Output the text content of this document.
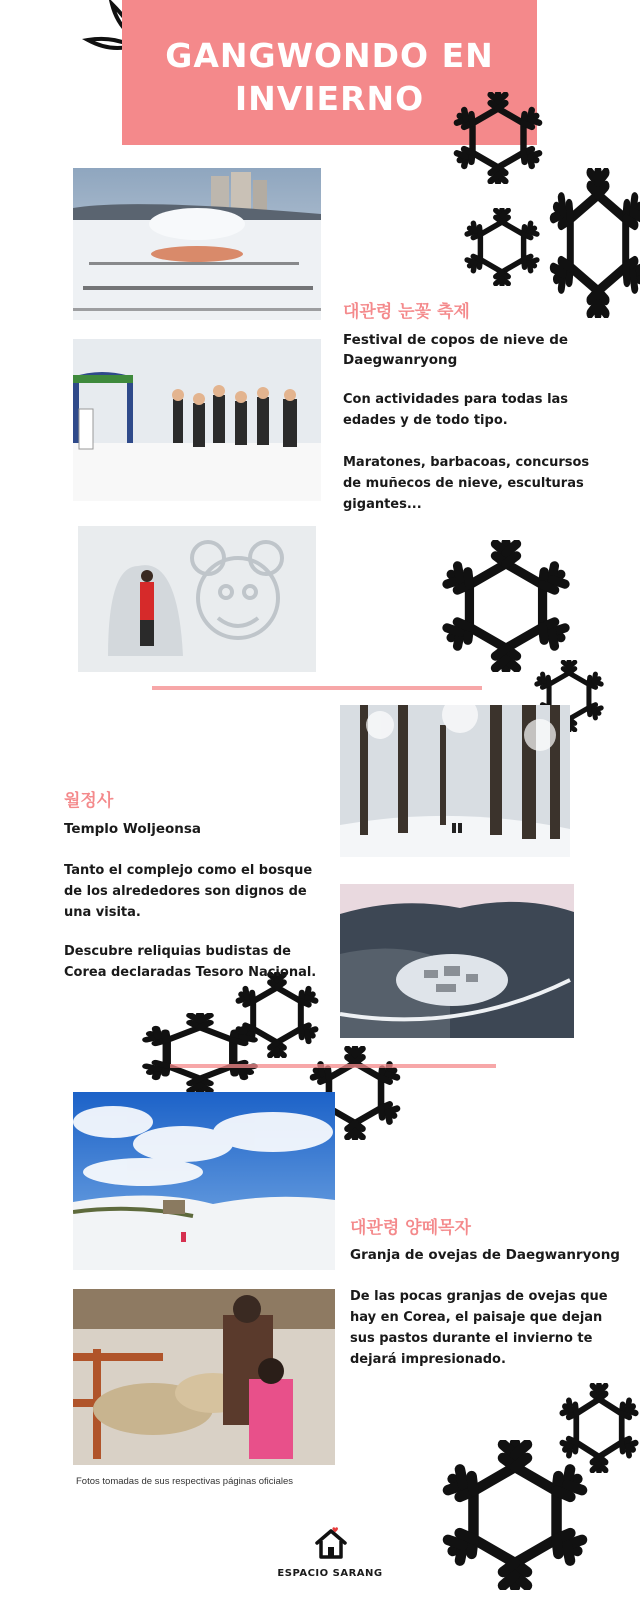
GANGWONDO EN
INVIERNO
대관령 눈꽃 축제
Festival de copos de nieve de Daegwanryong
Con actividades para todas las edades y de todo tipo.
Maratones, barbacoas, concursos de muñecos de nieve, esculturas gigantes...
월정사
Templo Woljeonsa
Tanto el complejo como el bosque de los alrededores son dignos de una visita.
Descubre reliquias budistas de Corea declaradas Tesoro Nacional.
대관령 양떼목자
Granja de ovejas de Daegwanryong
De las pocas granjas de ovejas que hay en Corea, el paisaje que dejan sus pastos durante el invierno te dejará impresionado.
Fotos tomadas de sus respectivas páginas oficiales
ESPACIO SARANG
